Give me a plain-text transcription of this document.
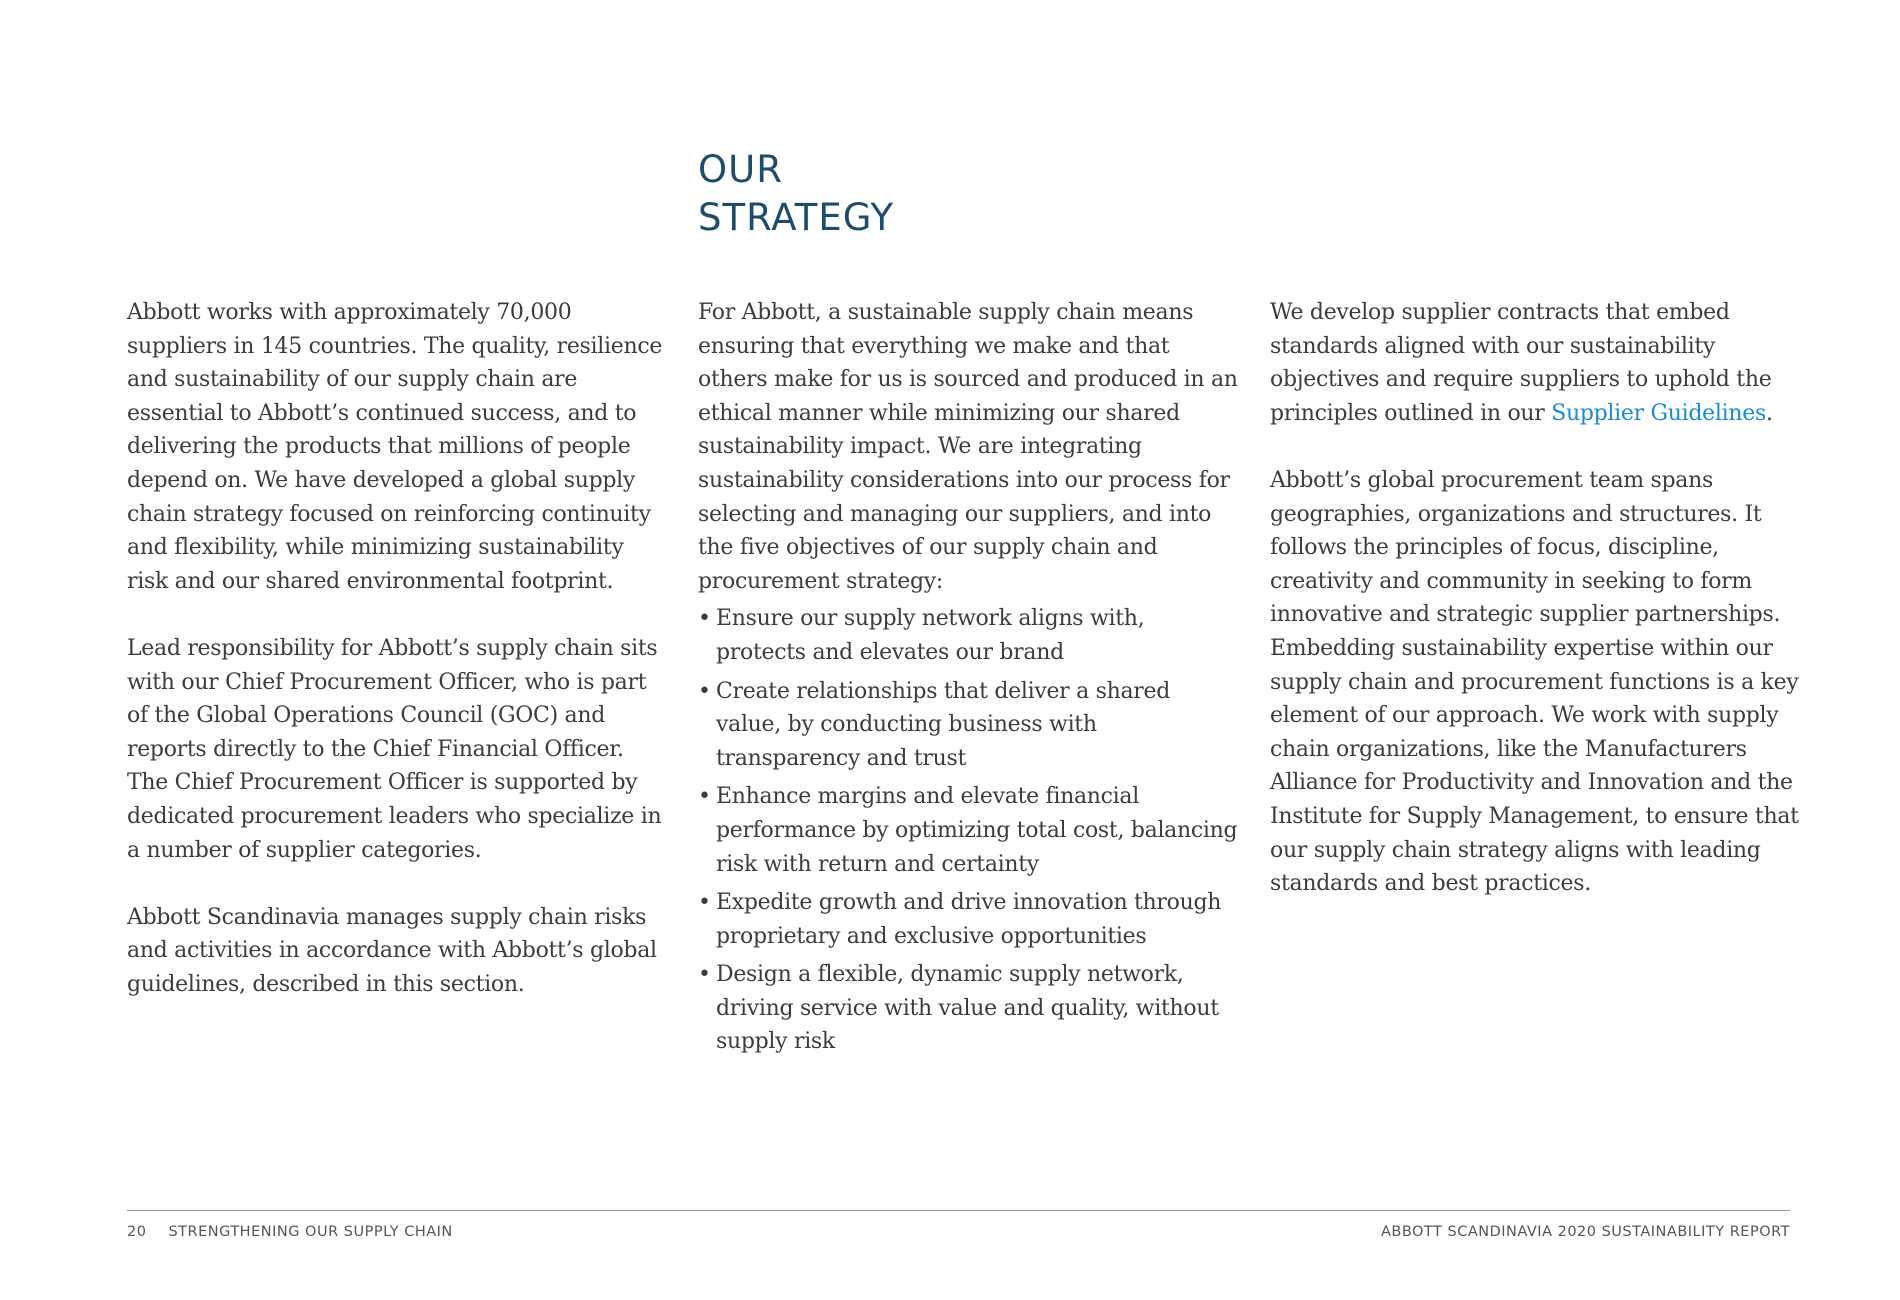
OUR
STRATEGY

Abbott works with approximately 70,000 suppliers in 145 countries. The quality, resilience and sustainability of our supply chain are essential to Abbott’s continued success, and to delivering the products that millions of people depend on. We have developed a global supply chain strategy focused on reinforcing continuity and flexibility, while minimizing sustainability risk and our shared environmental footprint.

Lead responsibility for Abbott’s supply chain sits with our Chief Procurement Officer, who is part of the Global Operations Council (GOC) and reports directly to the Chief Financial Officer. The Chief Procurement Officer is supported by dedicated procurement leaders who specialize in a number of supplier categories.

Abbott Scandinavia manages supply chain risks and activities in accordance with Abbott’s global guidelines, described in this section.

For Abbott, a sustainable supply chain means ensuring that everything we make and that others make for us is sourced and produced in an ethical manner while minimizing our shared sustainability impact. We are integrating sustainability considerations into our process for selecting and managing our suppliers, and into the five objectives of our supply chain and procurement strategy:

• Ensure our supply network aligns with, protects and elevates our brand
• Create relationships that deliver a shared value, by conducting business with transparency and trust
• Enhance margins and elevate financial performance by optimizing total cost, balancing risk with return and certainty
• Expedite growth and drive innovation through proprietary and exclusive opportunities
• Design a flexible, dynamic supply network, driving service with value and quality, without supply risk

We develop supplier contracts that embed standards aligned with our sustainability objectives and require suppliers to uphold the principles outlined in our Supplier Guidelines.

Abbott’s global procurement team spans geographies, organizations and structures. It follows the principles of focus, discipline, creativity and community in seeking to form innovative and strategic supplier partnerships. Embedding sustainability expertise within our supply chain and procurement functions is a key element of our approach. We work with supply chain organizations, like the Manufacturers Alliance for Productivity and Innovation and the Institute for Supply Management, to ensure that our supply chain strategy aligns with leading standards and best practices.

20 STRENGTHENING OUR SUPPLY CHAIN	ABBOTT SCANDINAVIA 2020 SUSTAINABILITY REPORT
